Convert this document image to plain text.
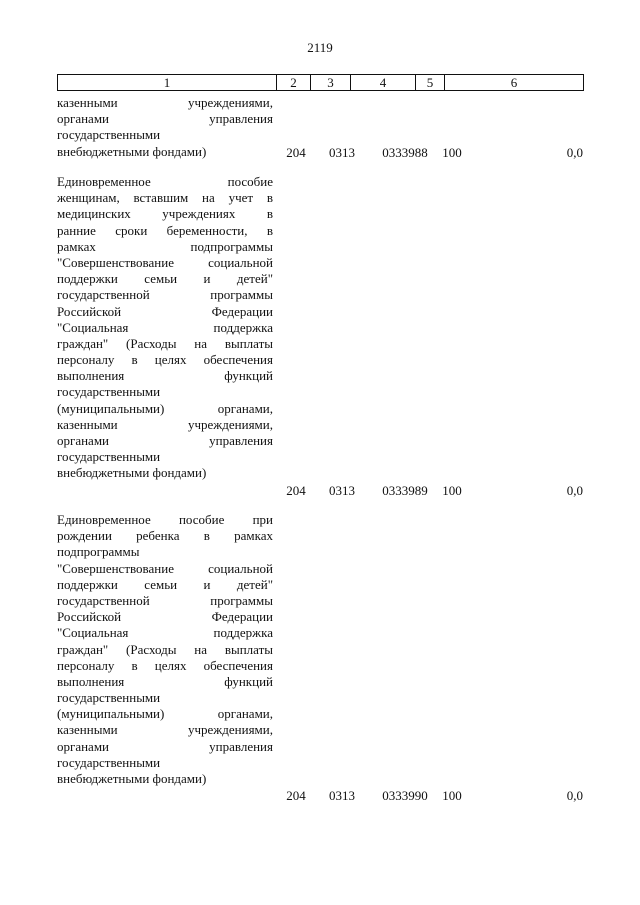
2119
1	2	3	4	5	6
казенными учреждениями,
органами управления
государственными
внебюджетными фондами)	204	0313	0333988	100	0,0
Единовременное пособие
женщинам, вставшим на учет в
медицинских учреждениях в
ранние сроки беременности, в
рамках подпрограммы
"Совершенствование социальной
поддержки семьи и детей"
государственной программы
Российской Федерации
"Социальная поддержка
граждан" (Расходы на выплаты
персоналу в целях обеспечения
выполнения функций
государственными
(муниципальными) органами,
казенными учреждениями,
органами управления
государственными
внебюджетными фондами)
204	0313	0333989	100	0,0
Единовременное пособие при
рождении ребенка в рамках
подпрограммы
"Совершенствование социальной
поддержки семьи и детей"
государственной программы
Российской Федерации
"Социальная поддержка
граждан" (Расходы на выплаты
персоналу в целях обеспечения
выполнения функций
государственными
(муниципальными) органами,
казенными учреждениями,
органами управления
государственными
внебюджетными фондами)
204	0313	0333990	100	0,0
